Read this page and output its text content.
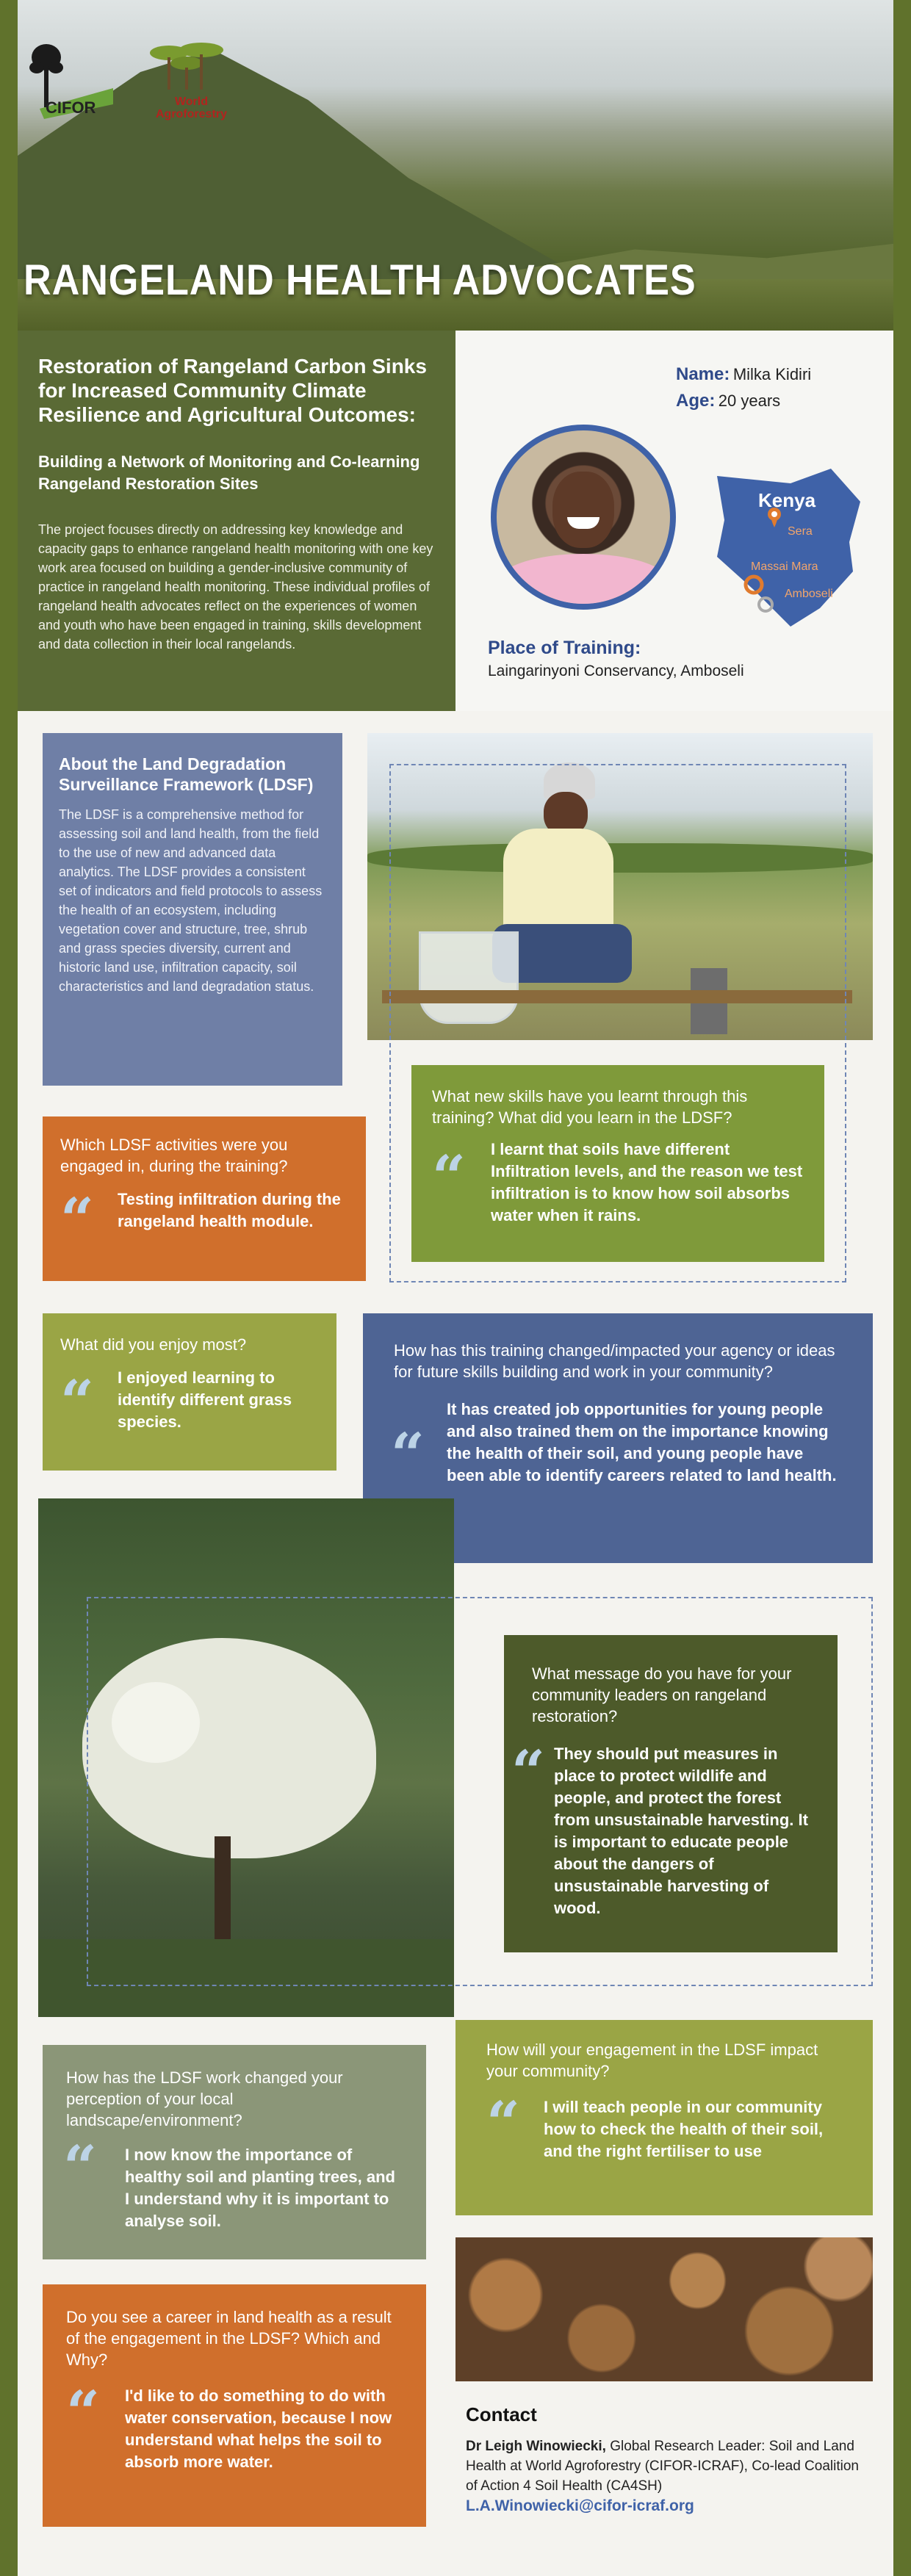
CIFOR	World
Agroforestry
RANGELAND HEALTH ADVOCATES
Restoration of Rangeland Carbon Sinks for Increased Community Climate Resilience and Agricultural Outcomes:
Building a Network of Monitoring and Co-learning Rangeland Restoration Sites

The project focuses directly on addressing key knowledge and capacity gaps to enhance rangeland health monitoring with one key work area focused on building a gender-inclusive community of practice in rangeland health monitoring. These individual profiles of rangeland health advocates reflect on the experiences of women and youth who have been engaged in training, skills development and data collection in their local rangelands.

Name: Milka Kidiri
Age: 20 years
Kenya
Sera
Massai Mara
Amboseli
Place of Training:
Laingarinyoni Conservancy, Amboseli
About the Land Degradation Surveillance Framework (LDSF)
The LDSF is a comprehensive method for assessing soil and land health, from the field to the use of new and advanced data analytics. The LDSF provides a consistent set of indicators and field protocols to assess the health of an ecosystem, including vegetation cover and structure, tree, shrub and grass species diversity, current and historic land use, infiltration capacity, soil characteristics and land degradation status.
What new skills have you learnt through this training? What did you learn in the LDSF?
“ I learnt that soils have different Infiltration levels, and the reason we test infiltration is to know how soil absorbs water when it rains.
Which LDSF activities were you engaged in, during the training?
“ Testing infiltration during the rangeland health module.
What did you enjoy most?
“ I enjoyed learning to identify different grass species.
How has this training changed/impacted your agency or ideas for future skills building and work in your community?
“
It has created job opportunities for young people and also trained them on the importance knowing the health of their soil, and young people have been able to identify careers related to land health.
What message do you have for your community leaders on rangeland restoration?
“ They should put measures in place to protect wildlife and people, and protect the forest from unsustainable harvesting. It is important to educate people about the dangers of unsustainable harvesting of wood.
How has the LDSF work changed your perception of your local landscape/environment?
“ I now know the importance of healthy soil and planting trees, and I understand why it is important to analyse soil.
How will your engagement in the LDSF impact your community?
“ I will teach people in our community how to check the health of their soil, and the right fertiliser to use
Do you see a career in land health as a result of the engagement in the LDSF? Which and Why?
“ I'd like to do something to do with water conservation, because I now understand what helps the soil to absorb more water.
Contact
Dr Leigh Winowiecki, Global Research Leader: Soil and Land Health at World Agroforestry (CIFOR-ICRAF), Co-lead Coalition of Action 4 Soil Health (CA4SH)
L.A.Winowiecki@cifor-icraf.org
